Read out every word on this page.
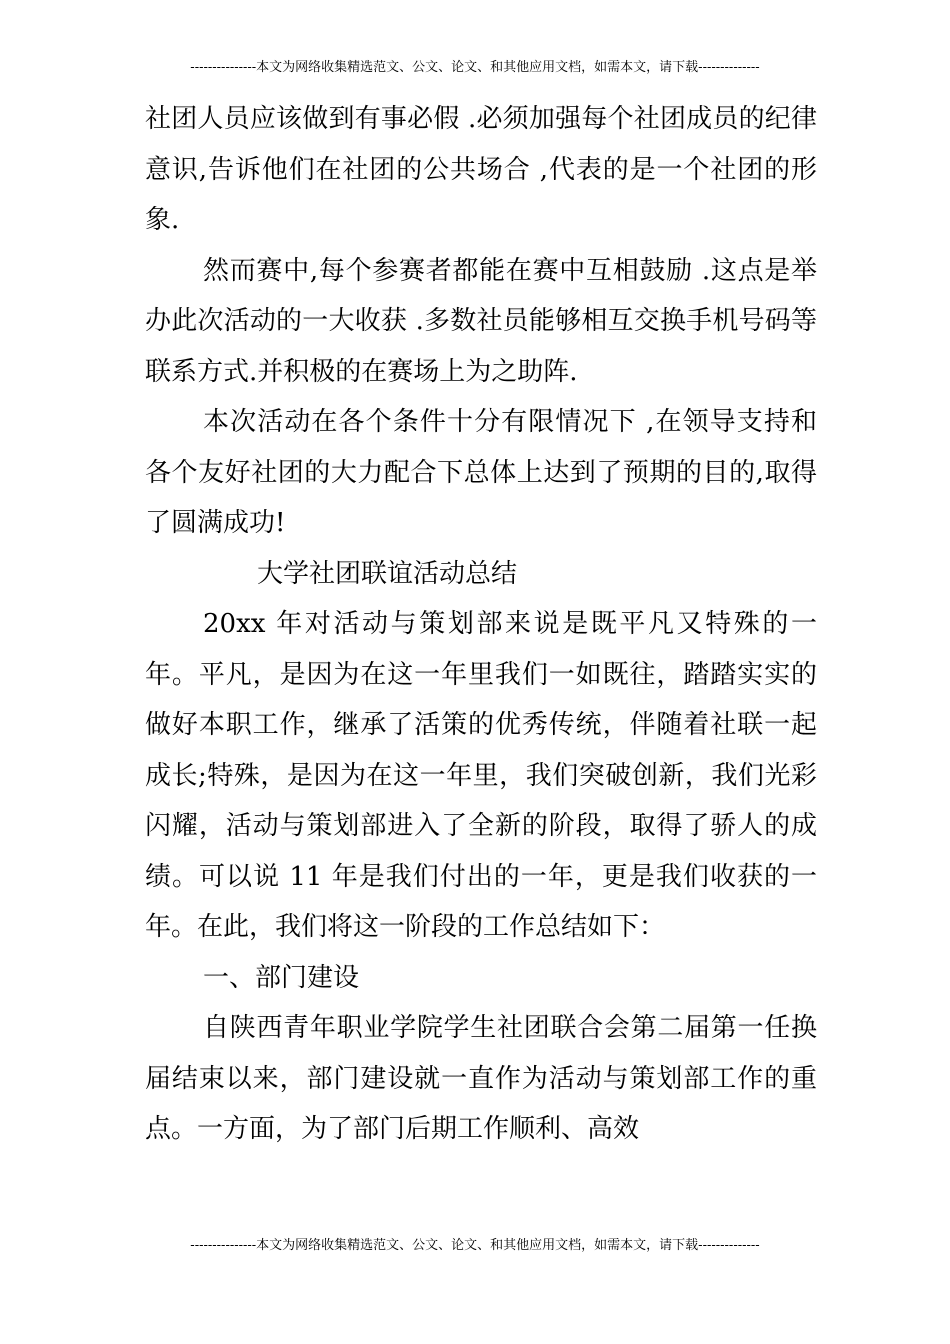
---------------本文为网络收集精选范文、公文、论文、和其他应用文档，如需本文，请下载--------------

社团人员应该做到有事必假 .必须加强每个社团成员的纪律意识,告诉他们在社团的公共场合 ,代表的是一个社团的形象.

然而赛中,每个参赛者都能在赛中互相鼓励 .这点是举办此次活动的一大收获 .多数社员能够相互交换手机号码等联系方式.并积极的在赛场上为之助阵.

本次活动在各个条件十分有限情况下 ,在领导支持和各个友好社团的大力配合下总体上达到了预期的目的,取得了圆满成功!

大学社团联谊活动总结

20xx 年对活动与策划部来说是既平凡又特殊的一年。平凡，是因为在这一年里我们一如既往，踏踏实实的做好本职工作，继承了活策的优秀传统，伴随着社联一起成长;特殊，是因为在这一年里，我们突破创新，我们光彩闪耀，活动与策划部进入了全新的阶段，取得了骄人的成绩。可以说 11 年是我们付出的一年，更是我们收获的一年。在此，我们将这一阶段的工作总结如下：

一、部门建设

自陕西青年职业学院学生社团联合会第二届第一任换届结束以来，部门建设就一直作为活动与策划部工作的重点。一方面，为了部门后期工作顺利、高效

---------------本文为网络收集精选范文、公文、论文、和其他应用文档，如需本文，请下载--------------
